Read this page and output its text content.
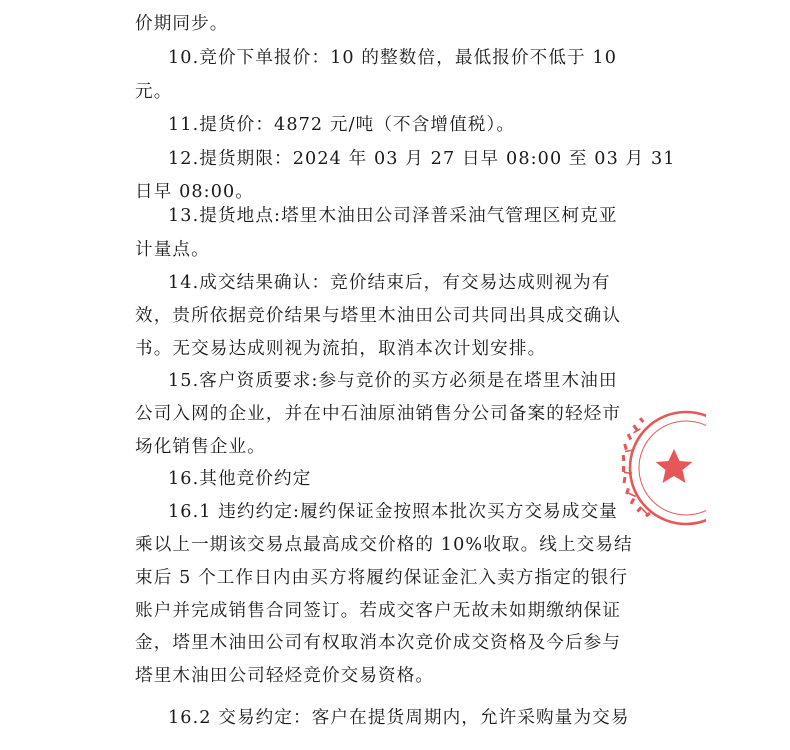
价期同步。

10.竞价下单报价：10 的整数倍，最低报价不低于 10

元。

11.提货价：4872 元/吨（不含增值税）。

12.提货期限：2024 年 03 月 27 日早 08:00 至 03 月 31

日早 08:00。

13.提货地点:塔里木油田公司泽普采油气管理区柯克亚

计量点。

14.成交结果确认：竞价结束后，有交易达成则视为有

效，贵所依据竞价结果与塔里木油田公司共同出具成交确认

书。无交易达成则视为流拍，取消本次计划安排。

15.客户资质要求:参与竞价的买方必须是在塔里木油田

公司入网的企业，并在中石油原油销售分公司备案的轻烃市

场化销售企业。

16.其他竞价约定

16.1 违约约定:履约保证金按照本批次买方交易成交量

乘以上一期该交易点最高成交价格的 10%收取。线上交易结

束后 5 个工作日内由买方将履约保证金汇入卖方指定的银行

账户并完成销售合同签订。若成交客户无故未如期缴纳保证

金，塔里木油田公司有权取消本次竞价成交资格及今后参与

塔里木油田公司轻烃竞价交易资格。

16.2 交易约定：客户在提货周期内，允许采购量为交易
